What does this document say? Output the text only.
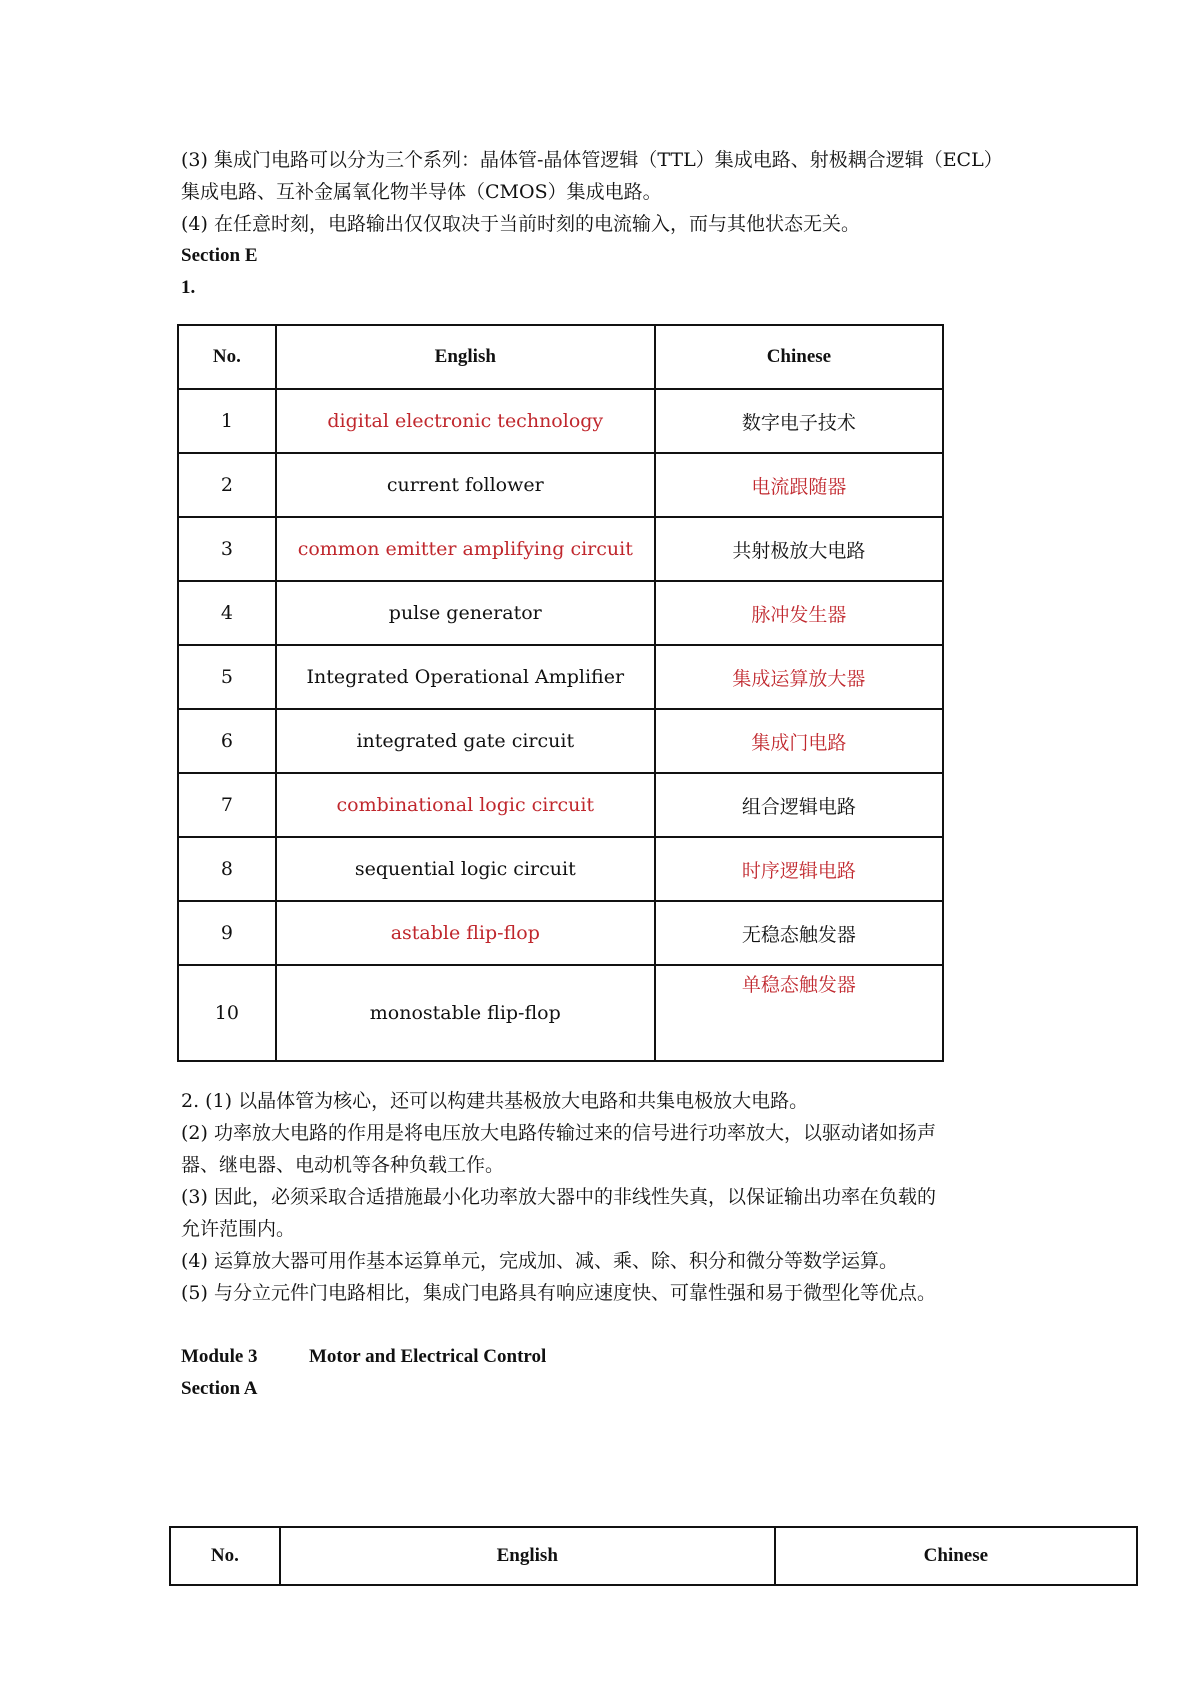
(3) 集成门电路可以分为三个系列：晶体管-晶体管逻辑（TTL）集成电路、射极耦合逻辑（ECL）
集成电路、互补金属氧化物半导体（CMOS）集成电路。
(4) 在任意时刻，电路输出仅仅取决于当前时刻的电流输入，而与其他状态无关。
Section E
1.
No.	English	Chinese
1	digital electronic technology	数字电子技术
2	current follower	电流跟随器
3	common emitter amplifying circuit	共射极放大电路
4	pulse generator	脉冲发生器
5	Integrated Operational Amplifier	集成运算放大器
6	integrated gate circuit	集成门电路
7	combinational logic circuit	组合逻辑电路
8	sequential logic circuit	时序逻辑电路
9	astable flip-flop	无稳态触发器
10	monostable flip-flop	单稳态触发器
2. (1) 以晶体管为核心，还可以构建共基极放大电路和共集电极放大电路。
(2) 功率放大电路的作用是将电压放大电路传输过来的信号进行功率放大，以驱动诸如扬声
器、继电器、电动机等各种负载工作。
(3) 因此，必须采取合适措施最小化功率放大器中的非线性失真，以保证输出功率在负载的
允许范围内。
(4) 运算放大器可用作基本运算单元，完成加、减、乘、除、积分和微分等数学运算。
(5) 与分立元件门电路相比，集成门电路具有响应速度快、可靠性强和易于微型化等优点。
Module 3	Motor and Electrical Control
Section A
No.	English	Chinese
